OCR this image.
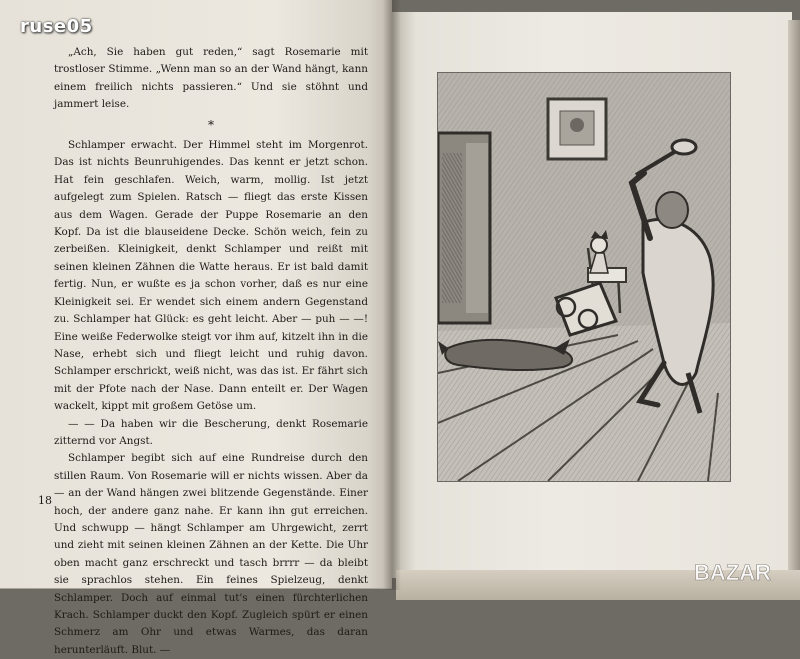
„Ach, Sie haben gut reden,“ sagt Rosemarie mit trostloser Stimme. „Wenn man so an der Wand hängt, kann einem freilich nichts passieren.“ Und sie stöhnt und jammert leise.

*

Schlamper erwacht. Der Himmel steht im Morgenrot. Das ist nichts Beunruhigendes. Das kennt er jetzt schon. Hat fein geschlafen. Weich, warm, mollig. Ist jetzt aufgelegt zum Spielen. Ratsch — fliegt das erste Kissen aus dem Wagen. Gerade der Puppe Rosemarie an den Kopf. Da ist die blauseidene Decke. Schön weich, fein zu zerbeißen. Kleinigkeit, denkt Schlamper und reißt mit seinen kleinen Zähnen die Watte heraus. Er ist bald damit fertig. Nun, er wußte es ja schon vorher, daß es nur eine Kleinigkeit sei. Er wendet sich einem andern Gegenstand zu. Schlamper hat Glück: es geht leicht. Aber — puh — —! Eine weiße Federwolke steigt vor ihm auf, kitzelt ihn in die Nase, erhebt sich und fliegt leicht und ruhig davon. Schlamper erschrickt, weiß nicht, was das ist. Er fährt sich mit der Pfote nach der Nase. Dann enteilt er. Der Wagen wackelt, kippt mit großem Getöse um.

— — Da haben wir die Bescherung, denkt Rosemarie zitternd vor Angst.

Schlamper begibt sich auf eine Rundreise durch den stillen Raum. Von Rosemarie will er nichts wissen. Aber da — an der Wand hängen zwei blitzende Gegenstände. Einer hoch, der andere ganz nahe. Er kann ihn gut erreichen. Und schwupp — hängt Schlamper am Uhrgewicht, zerrt und zieht mit seinen kleinen Zähnen an der Kette. Die Uhr oben macht ganz erschreckt und tasch brrrr — da bleibt sie sprachlos stehen. Ein feines Spielzeug, denkt Schlamper. Doch auf einmal tut's einen fürchterlichen Krach. Schlamper duckt den Kopf. Zugleich spürt er einen Schmerz am Ohr und etwas Warmes, das daran herunterläuft. Blut. —

18
ruse05
BAZAR
